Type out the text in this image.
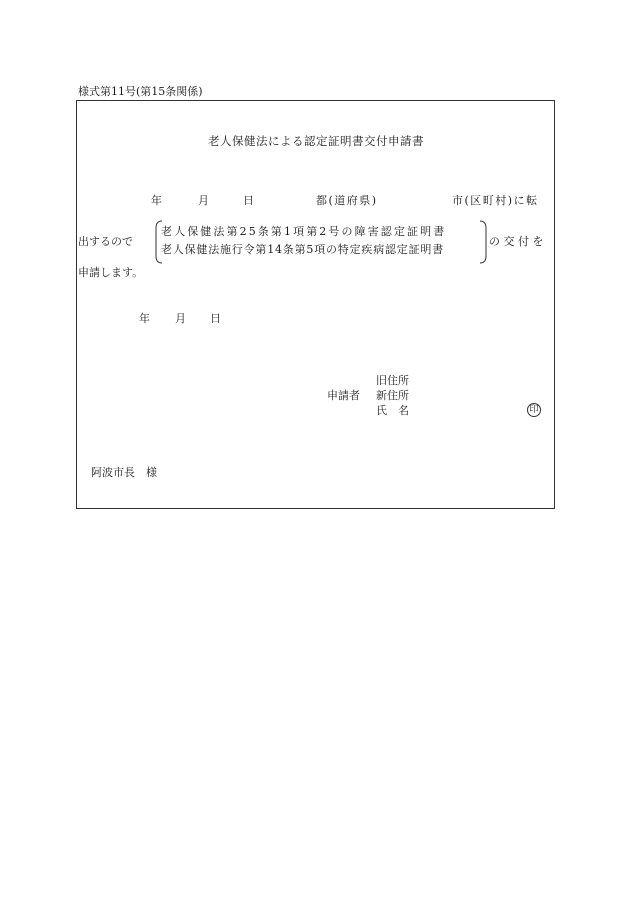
様式第11号(第15条関係)
老人保健法による認定証明書交付申請書
年	月	日	都(道府県)	市(区町村)に転
出するので
老人保健法第25条第1項第2号の障害認定証明書
老人保健法施行令第14条第5項の特定疾病認定証明書
の 交 付 を
申請します。
年 月 日
旧住所
申請者 新住所
氏　名	印
阿波市長　様
